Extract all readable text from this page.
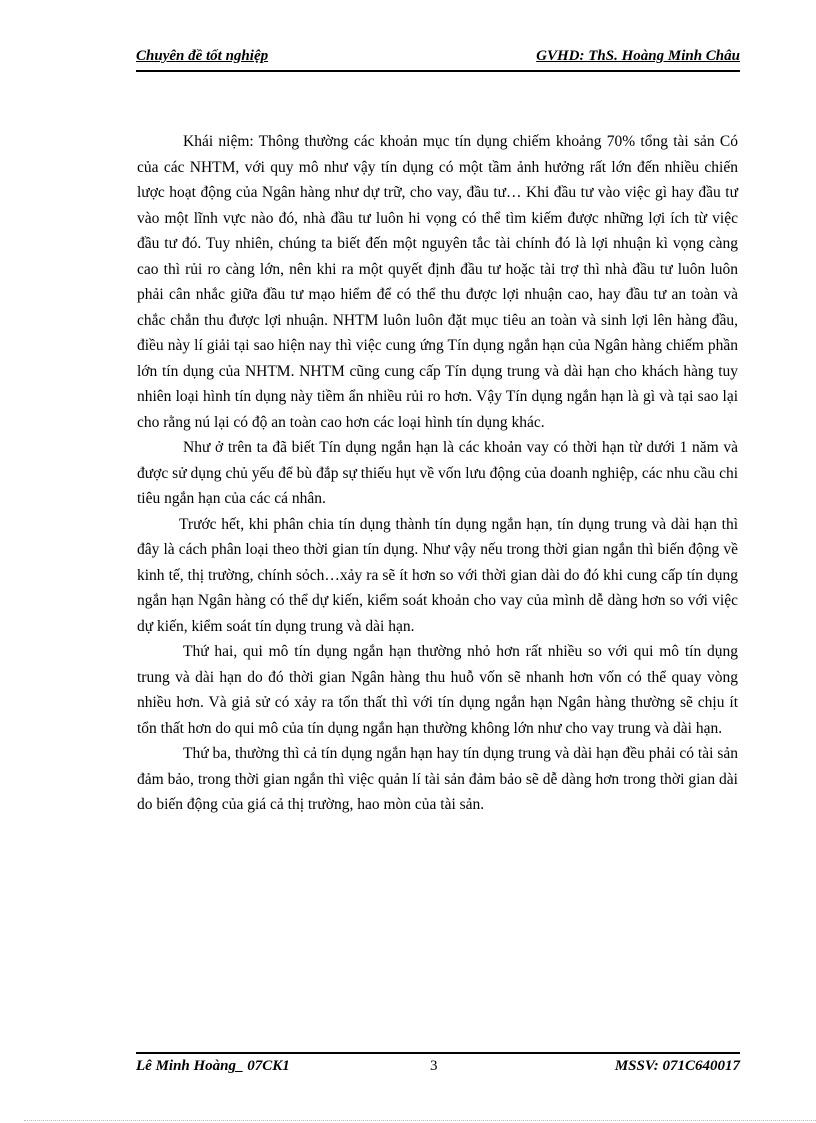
Chuyên đề tốt nghiệp	GVHD: ThS. Hoàng Minh Châu

Khái niệm: Thông thường các khoản mục tín dụng chiếm khoảng 70% tổng tài sản Có của các NHTM, với quy mô như vậy tín dụng có một tầm ảnh hưởng rất lớn đến nhiều chiến lược hoạt động của Ngân hàng như dự trữ, cho vay, đầu tư… Khi đầu tư vào việc gì hay đầu tư vào một lĩnh vực nào đó, nhà đầu tư luôn hi vọng có thể tìm kiếm được những lợi ích từ việc đầu tư đó. Tuy nhiên, chúng ta biết đến một nguyên tắc tài chính đó là lợi nhuận kì vọng càng cao thì rủi ro càng lớn, nên khi ra một quyết định đầu tư hoặc tài trợ thì nhà đầu tư luôn luôn phải cân nhắc giữa đầu tư mạo hiểm để có thể thu được lợi nhuận cao, hay đầu tư an toàn và chắc chắn thu được lợi nhuận. NHTM luôn luôn đặt mục tiêu an toàn và sinh lợi lên hàng đầu, điều này lí giải tại sao hiện nay thì việc cung ứng Tín dụng ngắn hạn của Ngân hàng chiếm phần lớn tín dụng của NHTM. NHTM cũng cung cấp Tín dụng trung và dài hạn cho khách hàng tuy nhiên loại hình tín dụng này tiềm ẩn nhiều rủi ro hơn. Vậy Tín dụng ngắn hạn là gì và tại sao lại cho rằng nú lại có độ an toàn cao hơn các loại hình tín dụng khác.

Như ở trên ta đã biết Tín dụng ngắn hạn là các khoản vay có thời hạn từ dưới 1 năm và được sử dụng chủ yếu để bù đắp sự thiếu hụt về vốn lưu động của doanh nghiệp, các nhu cầu chi tiêu ngắn hạn của các cá nhân.

Trước hết, khi phân chia tín dụng thành tín dụng ngắn hạn, tín dụng trung và dài hạn thì đây là cách phân loại theo thời gian tín dụng. Như vậy nếu trong thời gian ngắn thì biến động về kinh tế, thị trường, chính sỏch…xảy ra sẽ ít hơn so với thời gian dài do đó khi cung cấp tín dụng ngắn hạn Ngân hàng có thể dự kiến, kiểm soát khoản cho vay của mình dễ dàng hơn so với việc dự kiến, kiểm soát tín dụng trung và dài hạn.

Thứ hai, qui mô tín dụng ngắn hạn thường nhỏ hơn rất nhiều so với qui mô tín dụng trung và dài hạn do đó thời gian Ngân hàng thu huỗ vốn sẽ nhanh hơn vốn có thể quay vòng nhiều hơn. Và giả sử có xảy ra tổn thất thì với tín dụng ngắn hạn Ngân hàng thường sẽ chịu ít tổn thất hơn do qui mô của tín dụng ngắn hạn thường không lớn như cho vay trung và dài hạn.

Thứ ba, thường thì cả tín dụng ngắn hạn hay tín dụng trung và dài hạn đều phải có tài sản đảm bảo, trong thời gian ngắn thì việc quản lí tài sản đảm bảo sẽ dễ dàng hơn trong thời gian dài do biến động của giá cả thị trường, hao mòn của tài sản.

Lê Minh Hoàng_ 07CK1	3	MSSV: 071C640017
